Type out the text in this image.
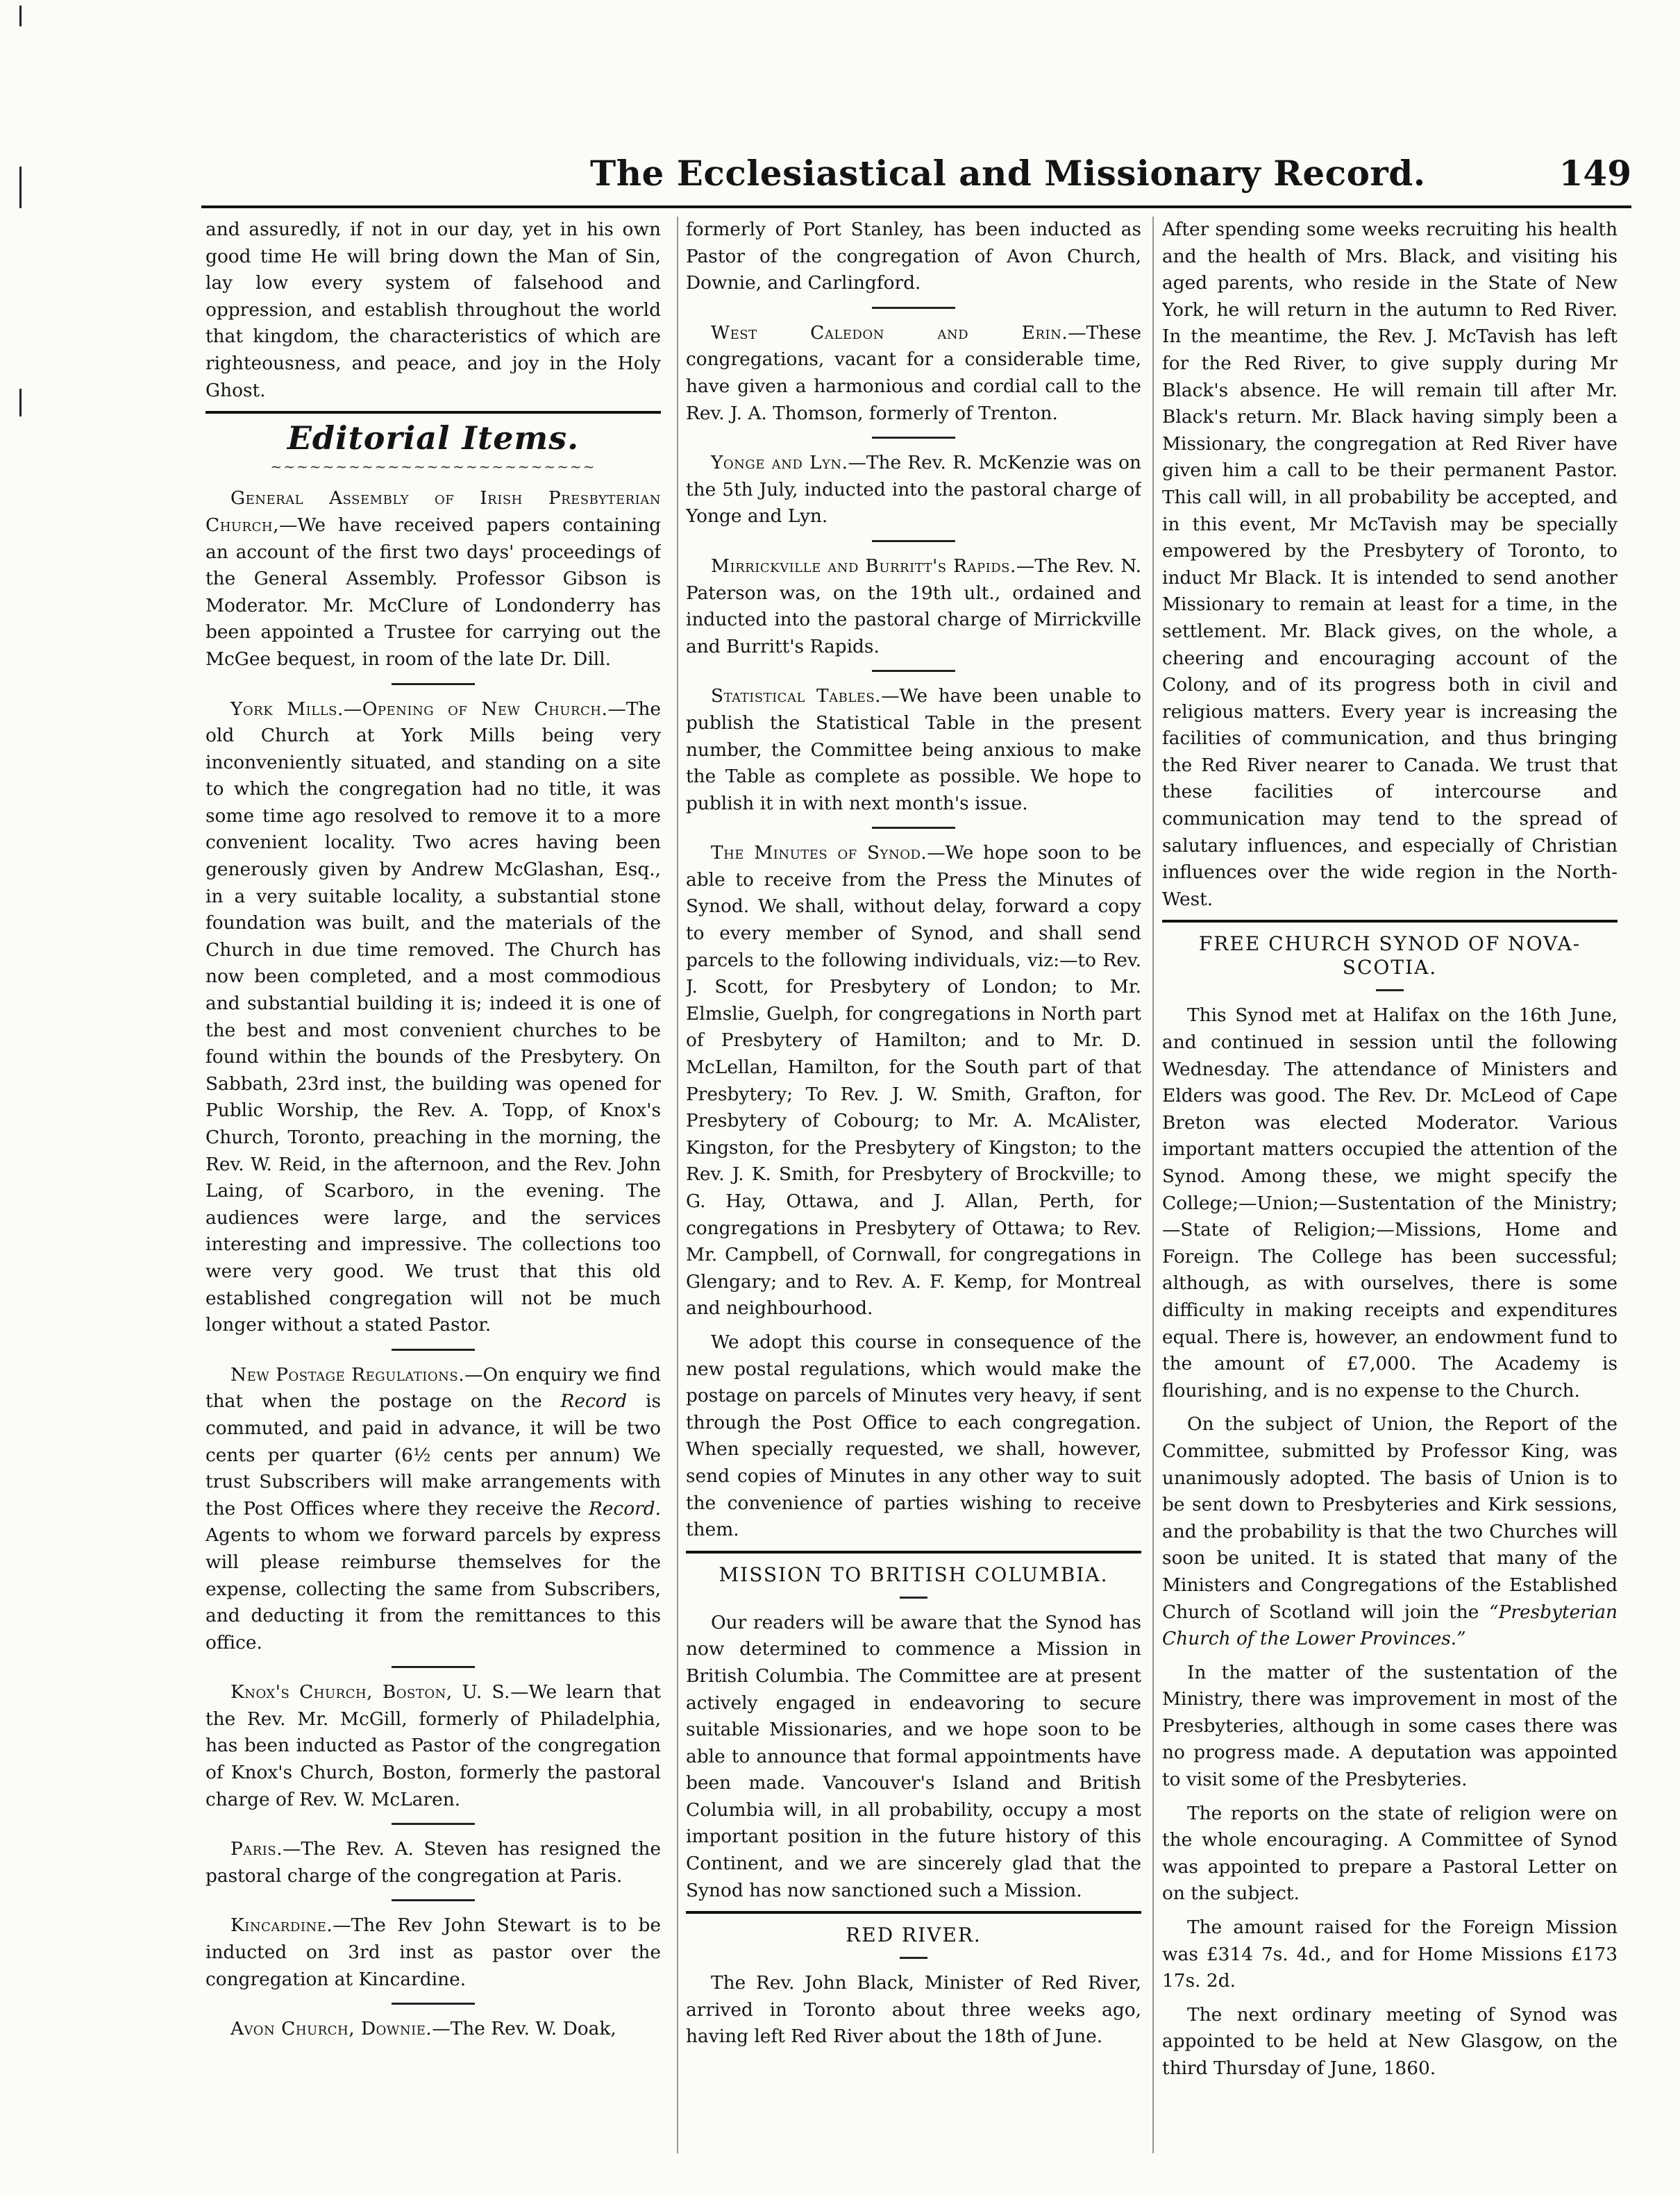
The Ecclesiastical and Missionary Record.	149

and assuredly, if not in our day, yet in his own good time He will bring down the Man of Sin, lay low every system of falsehood and oppression, and establish throughout the world that kingdom, the characteristics of which are righteousness, and peace, and joy in the Holy Ghost.

Editorial Items.
~~~~~~~~~~~~~~~~~~~~~~~~~

General Assembly of Irish Presbyterian Church,—We have received papers containing an account of the first two days' proceedings of the General Assembly. Professor Gibson is Moderator. Mr. McClure of Londonderry has been appointed a Trustee for carrying out the McGee bequest, in room of the late Dr. Dill.

York Mills.—Opening of New Church.—The old Church at York Mills being very inconveniently situated, and standing on a site to which the congregation had no title, it was some time ago resolved to remove it to a more convenient locality. Two acres having been generously given by Andrew McGlashan, Esq., in a very suitable locality, a substantial stone foundation was built, and the materials of the Church in due time removed. The Church has now been completed, and a most commodious and substantial building it is; indeed it is one of the best and most convenient churches to be found within the bounds of the Presbytery. On Sabbath, 23rd inst, the building was opened for Public Worship, the Rev. A. Topp, of Knox's Church, Toronto, preaching in the morning, the Rev. W. Reid, in the afternoon, and the Rev. John Laing, of Scarboro, in the evening. The audiences were large, and the services interesting and impressive. The collections too were very good. We trust that this old established congregation will not be much longer without a stated Pastor.

New Postage Regulations.—On enquiry we find that when the postage on the Record is commuted, and paid in advance, it will be two cents per quarter (6½ cents per annum) We trust Subscribers will make arrangements with the Post Offices where they receive the Record. Agents to whom we forward parcels by express will please reimburse themselves for the expense, collecting the same from Subscribers, and deducting it from the remittances to this office.

Knox's Church, Boston, U. S.—We learn that the Rev. Mr. McGill, formerly of Philadelphia, has been inducted as Pastor of the congregation of Knox's Church, Boston, formerly the pastoral charge of Rev. W. McLaren.

Paris.—The Rev. A. Steven has resigned the pastoral charge of the congregation at Paris.

Kincardine.—The Rev John Stewart is to be inducted on 3rd inst as pastor over the congregation at Kincardine.

Avon Church, Downie.—The Rev. W. Doak,

formerly of Port Stanley, has been inducted as Pastor of the congregation of Avon Church, Downie, and Carlingford.

West Caledon and Erin.—These congregations, vacant for a considerable time, have given a harmonious and cordial call to the Rev. J. A. Thomson, formerly of Trenton.

Yonge and Lyn.—The Rev. R. McKenzie was on the 5th July, inducted into the pastoral charge of Yonge and Lyn.

Mirrickville and Burritt's Rapids.—The Rev. N. Paterson was, on the 19th ult., ordained and inducted into the pastoral charge of Mirrickville and Burritt's Rapids.

Statistical Tables.—We have been unable to publish the Statistical Table in the present number, the Committee being anxious to make the Table as complete as possible. We hope to publish it in with next month's issue.

The Minutes of Synod.—We hope soon to be able to receive from the Press the Minutes of Synod. We shall, without delay, forward a copy to every member of Synod, and shall send parcels to the following individuals, viz:—to Rev. J. Scott, for Presbytery of London; to Mr. Elmslie, Guelph, for congregations in North part of Presbytery of Hamilton; and to Mr. D. McLellan, Hamilton, for the South part of that Presbytery; To Rev. J. W. Smith, Grafton, for Presbytery of Cobourg; to Mr. A. McAlister, Kingston, for the Presbytery of Kingston; to the Rev. J. K. Smith, for Presbytery of Brockville; to G. Hay, Ottawa, and J. Allan, Perth, for congregations in Presbytery of Ottawa; to Rev. Mr. Campbell, of Cornwall, for congregations in Glengary; and to Rev. A. F. Kemp, for Montreal and neighbourhood.

We adopt this course in consequence of the new postal regulations, which would make the postage on parcels of Minutes very heavy, if sent through the Post Office to each congregation. When specially requested, we shall, however, send copies of Minutes in any other way to suit the convenience of parties wishing to receive them.

MISSION TO BRITISH COLUMBIA.

Our readers will be aware that the Synod has now determined to commence a Mission in British Columbia. The Committee are at present actively engaged in endeavoring to secure suitable Missionaries, and we hope soon to be able to announce that formal appointments have been made. Vancouver's Island and British Columbia will, in all probability, occupy a most important position in the future history of this Continent, and we are sincerely glad that the Synod has now sanctioned such a Mission.

RED RIVER.

The Rev. John Black, Minister of Red River, arrived in Toronto about three weeks ago, having left Red River about the 18th of June.

After spending some weeks recruiting his health and the health of Mrs. Black, and visiting his aged parents, who reside in the State of New York, he will return in the autumn to Red River. In the meantime, the Rev. J. McTavish has left for the Red River, to give supply during Mr Black's absence. He will remain till after Mr. Black's return. Mr. Black having simply been a Missionary, the congregation at Red River have given him a call to be their permanent Pastor. This call will, in all probability be accepted, and in this event, Mr McTavish may be specially empowered by the Presbytery of Toronto, to induct Mr Black. It is intended to send another Missionary to remain at least for a time, in the settlement. Mr. Black gives, on the whole, a cheering and encouraging account of the Colony, and of its progress both in civil and religious matters. Every year is increasing the facilities of communication, and thus bringing the Red River nearer to Canada. We trust that these facilities of intercourse and communication may tend to the spread of salutary influences, and especially of Christian influences over the wide region in the North-West.

FREE CHURCH SYNOD OF NOVA-SCOTIA.

This Synod met at Halifax on the 16th June, and continued in session until the following Wednesday. The attendance of Ministers and Elders was good. The Rev. Dr. McLeod of Cape Breton was elected Moderator. Various important matters occupied the attention of the Synod. Among these, we might specify the College;—Union;—Sustentation of the Ministry;—State of Religion;—Missions, Home and Foreign. The College has been successful; although, as with ourselves, there is some difficulty in making receipts and expenditures equal. There is, however, an endowment fund to the amount of £7,000. The Academy is flourishing, and is no expense to the Church.

On the subject of Union, the Report of the Committee, submitted by Professor King, was unanimously adopted. The basis of Union is to be sent down to Presbyteries and Kirk sessions, and the probability is that the two Churches will soon be united. It is stated that many of the Ministers and Congregations of the Established Church of Scotland will join the “Presbyterian Church of the Lower Provinces.”

In the matter of the sustentation of the Ministry, there was improvement in most of the Presbyteries, although in some cases there was no progress made. A deputation was appointed to visit some of the Presbyteries.

The reports on the state of religion were on the whole encouraging. A Committee of Synod was appointed to prepare a Pastoral Letter on on the subject.

The amount raised for the Foreign Mission was £314 7s. 4d., and for Home Missions £173 17s. 2d.

The next ordinary meeting of Synod was appointed to be held at New Glasgow, on the third Thursday of June, 1860.
